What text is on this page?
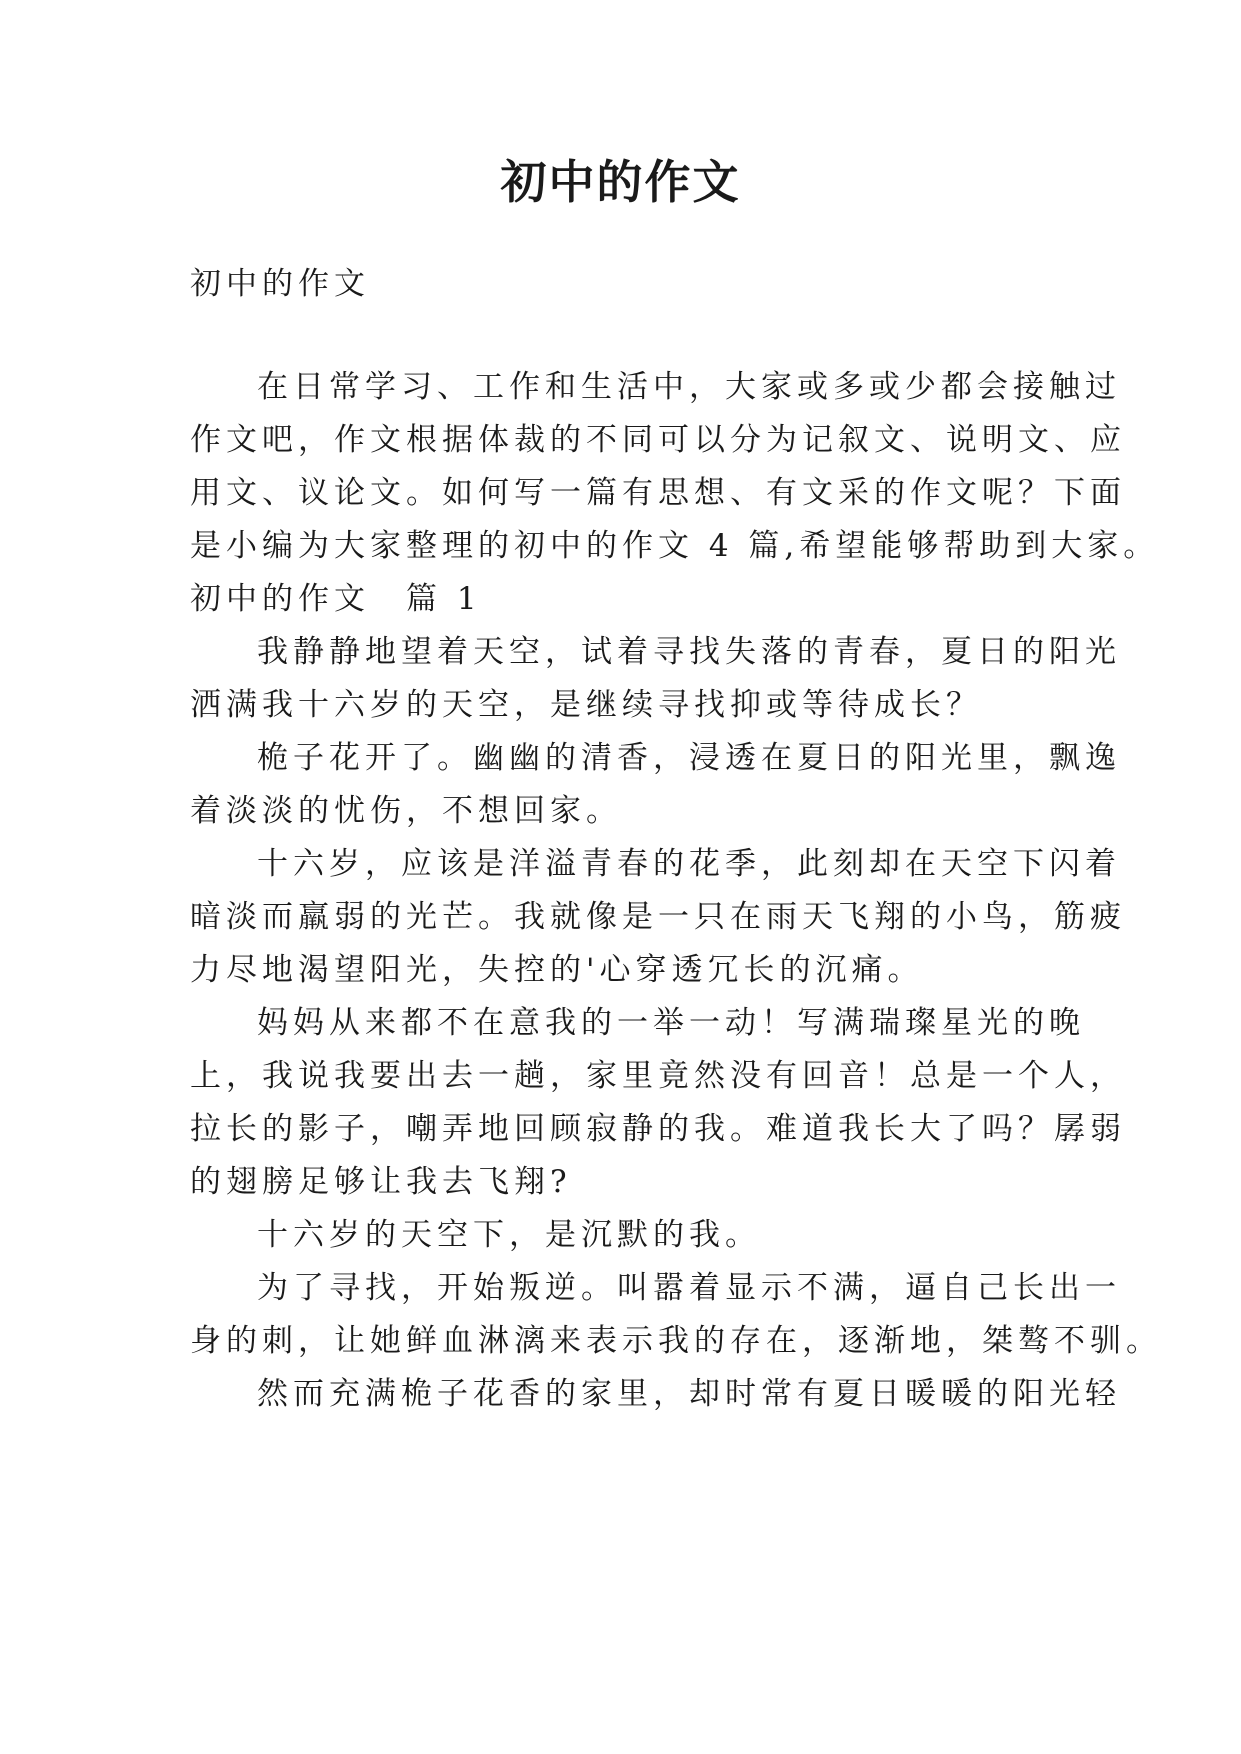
初中的作文
初中的作文
在日常学习、工作和生活中，大家或多或少都会接触过
作文吧，作文根据体裁的不同可以分为记叙文、说明文、应
用文、议论文。如何写一篇有思想、有文采的作文呢？下面
是小编为大家整理的初中的作文 4 篇,希望能够帮助到大家。
初中的作文　篇 1
我静静地望着天空，试着寻找失落的青春，夏日的阳光
洒满我十六岁的天空，是继续寻找抑或等待成长？
桅子花开了。幽幽的清香，浸透在夏日的阳光里，飘逸
着淡淡的忧伤，不想回家。
十六岁，应该是洋溢青春的花季，此刻却在天空下闪着
暗淡而羸弱的光芒。我就像是一只在雨天飞翔的小鸟，筋疲
力尽地渴望阳光，失控的'心穿透冗长的沉痛。
妈妈从来都不在意我的一举一动！写满瑞璨星光的晚
上，我说我要出去一趟，家里竟然没有回音！总是一个人，
拉长的影子，嘲弄地回顾寂静的我。难道我长大了吗？孱弱
的翅膀足够让我去飞翔?
十六岁的天空下，是沉默的我。
为了寻找，开始叛逆。叫嚣着显示不满，逼自己长出一
身的刺，让她鲜血淋漓来表示我的存在，逐渐地，桀骜不驯。
然而充满桅子花香的家里，却时常有夏日暖暖的阳光轻
